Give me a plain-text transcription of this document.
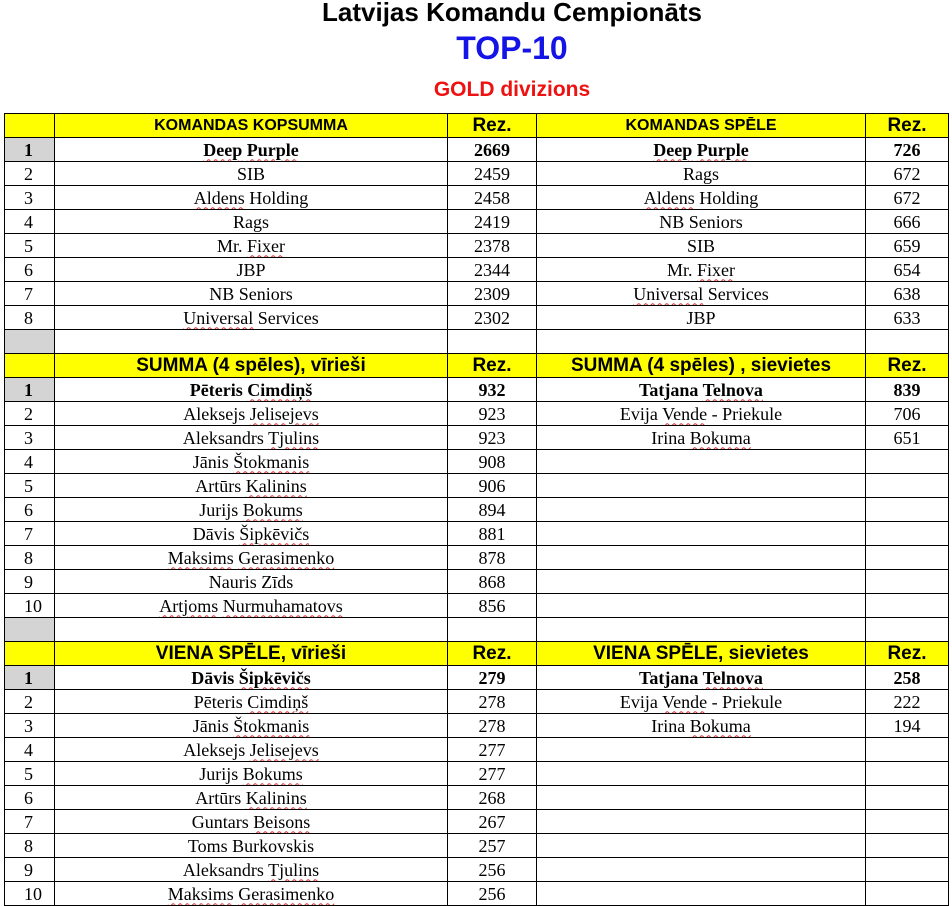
Latvijas Komandu Cempionāts
TOP-10
GOLD divizions
	KOMANDAS KOPSUMMA	Rez.	KOMANDAS SPĒLE	Rez.
1	Deep Purple	2669	Deep Purple	726
2	SIB	2459	Rags	672
3	Aldens Holding	2458	Aldens Holding	672
4	Rags	2419	NB Seniors	666
5	Mr. Fixer	2378	SIB	659
6	JBP	2344	Mr. Fixer	654
7	NB Seniors	2309	Universal Services	638
8	Universal Services	2302	JBP	633

	SUMMA (4 spēles), vīrieši	Rez.	SUMMA (4 spēles) , sievietes	Rez.
1	Pēteris Cimdiņš	932	Tatjana Telnova	839
2	Aleksejs Jelisejevs	923	Evija Vende - Priekule	706
3	Aleksandrs Tjulins	923	Irina Bokuma	651
4	Jānis Štokmanis	908		
5	Artūrs Kalinins	906		
6	Jurijs Bokums	894		
7	Dāvis Šipkēvičs	881		
8	Maksims Gerasimenko	878		
9	Nauris Zīds	868		
10	Artjoms Nurmuhamatovs	856		

	VIENA SPĒLE, vīrieši	Rez.	VIENA SPĒLE, sievietes	Rez.
1	Dāvis Šipkēvičs	279	Tatjana Telnova	258
2	Pēteris Cimdiņš	278	Evija Vende - Priekule	222
3	Jānis Štokmanis	278	Irina Bokuma	194
4	Aleksejs Jelisejevs	277		
5	Jurijs Bokums	277		
6	Artūrs Kalinins	268		
7	Guntars Beisons	267		
8	Toms Burkovskis	257		
9	Aleksandrs Tjulins	256		
10	Maksims Gerasimenko	256		
